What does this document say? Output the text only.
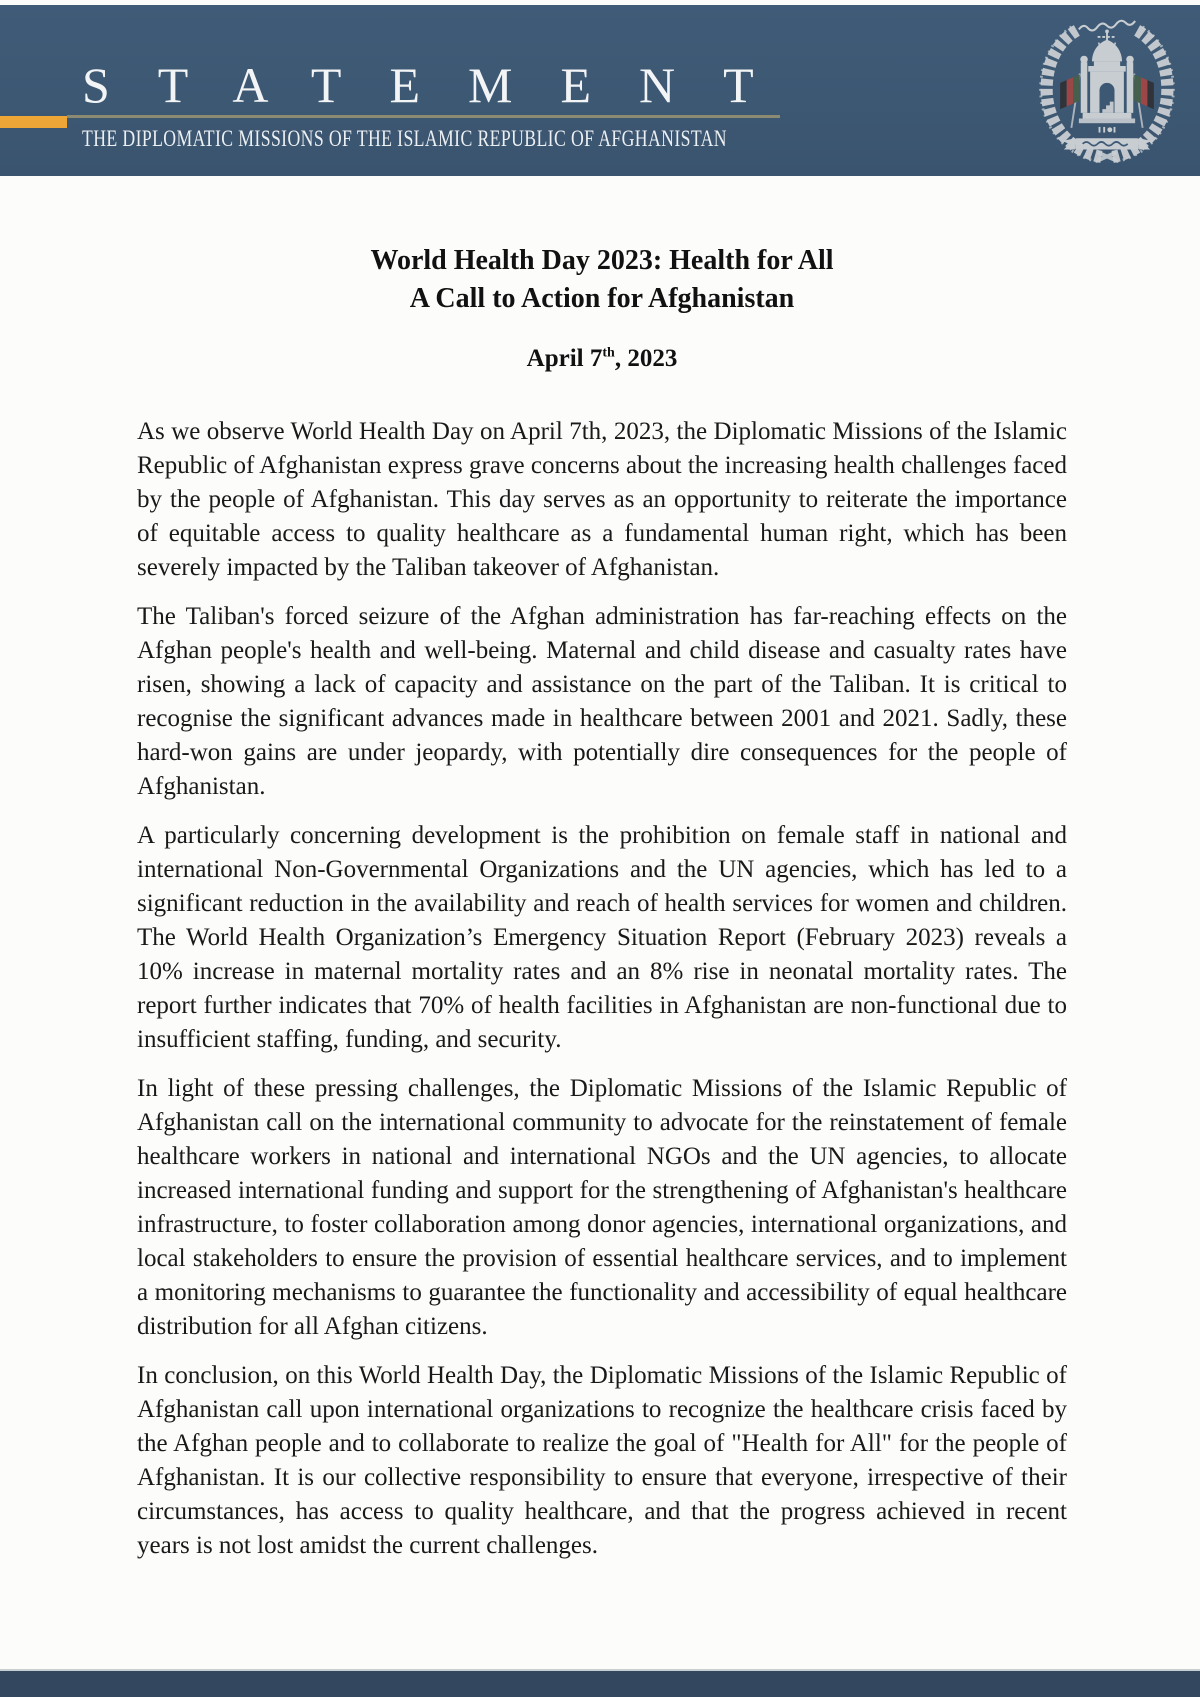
STATEMENT
THE DIPLOMATIC MISSIONS OF THE ISLAMIC REPUBLIC OF AFGHANISTAN
World Health Day 2023: Health for All
A Call to Action for Afghanistan
April 7th, 2023

As we observe World Health Day on April 7th, 2023, the Diplomatic Missions of the Islamic Republic of Afghanistan express grave concerns about the increasing health challenges faced by the people of Afghanistan. This day serves as an opportunity to reiterate the importance of equitable access to quality healthcare as a fundamental human right, which has been severely impacted by the Taliban takeover of Afghanistan.

The Taliban's forced seizure of the Afghan administration has far-reaching effects on the Afghan people's health and well-being. Maternal and child disease and casualty rates have risen, showing a lack of capacity and assistance on the part of the Taliban. It is critical to recognise the significant advances made in healthcare between 2001 and 2021. Sadly, these hard-won gains are under jeopardy, with potentially dire consequences for the people of Afghanistan.

A particularly concerning development is the prohibition on female staff in national and international Non-Governmental Organizations and the UN agencies, which has led to a significant reduction in the availability and reach of health services for women and children. The World Health Organization’s Emergency Situation Report (February 2023) reveals a 10% increase in maternal mortality rates and an 8% rise in neonatal mortality rates. The report further indicates that 70% of health facilities in Afghanistan are non-functional due to insufficient staffing, funding, and security.

In light of these pressing challenges, the Diplomatic Missions of the Islamic Republic of Afghanistan call on the international community to advocate for the reinstatement of female healthcare workers in national and international NGOs and the UN agencies, to allocate increased international funding and support for the strengthening of Afghanistan's healthcare infrastructure, to foster collaboration among donor agencies, international organizations, and local stakeholders to ensure the provision of essential healthcare services, and to implement a monitoring mechanisms to guarantee the functionality and accessibility of equal healthcare distribution for all Afghan citizens.

In conclusion, on this World Health Day, the Diplomatic Missions of the Islamic Republic of Afghanistan call upon international organizations to recognize the healthcare crisis faced by the Afghan people and to collaborate to realize the goal of "Health for All" for the people of Afghanistan. It is our collective responsibility to ensure that everyone, irrespective of their circumstances, has access to quality healthcare, and that the progress achieved in recent years is not lost amidst the current challenges.
